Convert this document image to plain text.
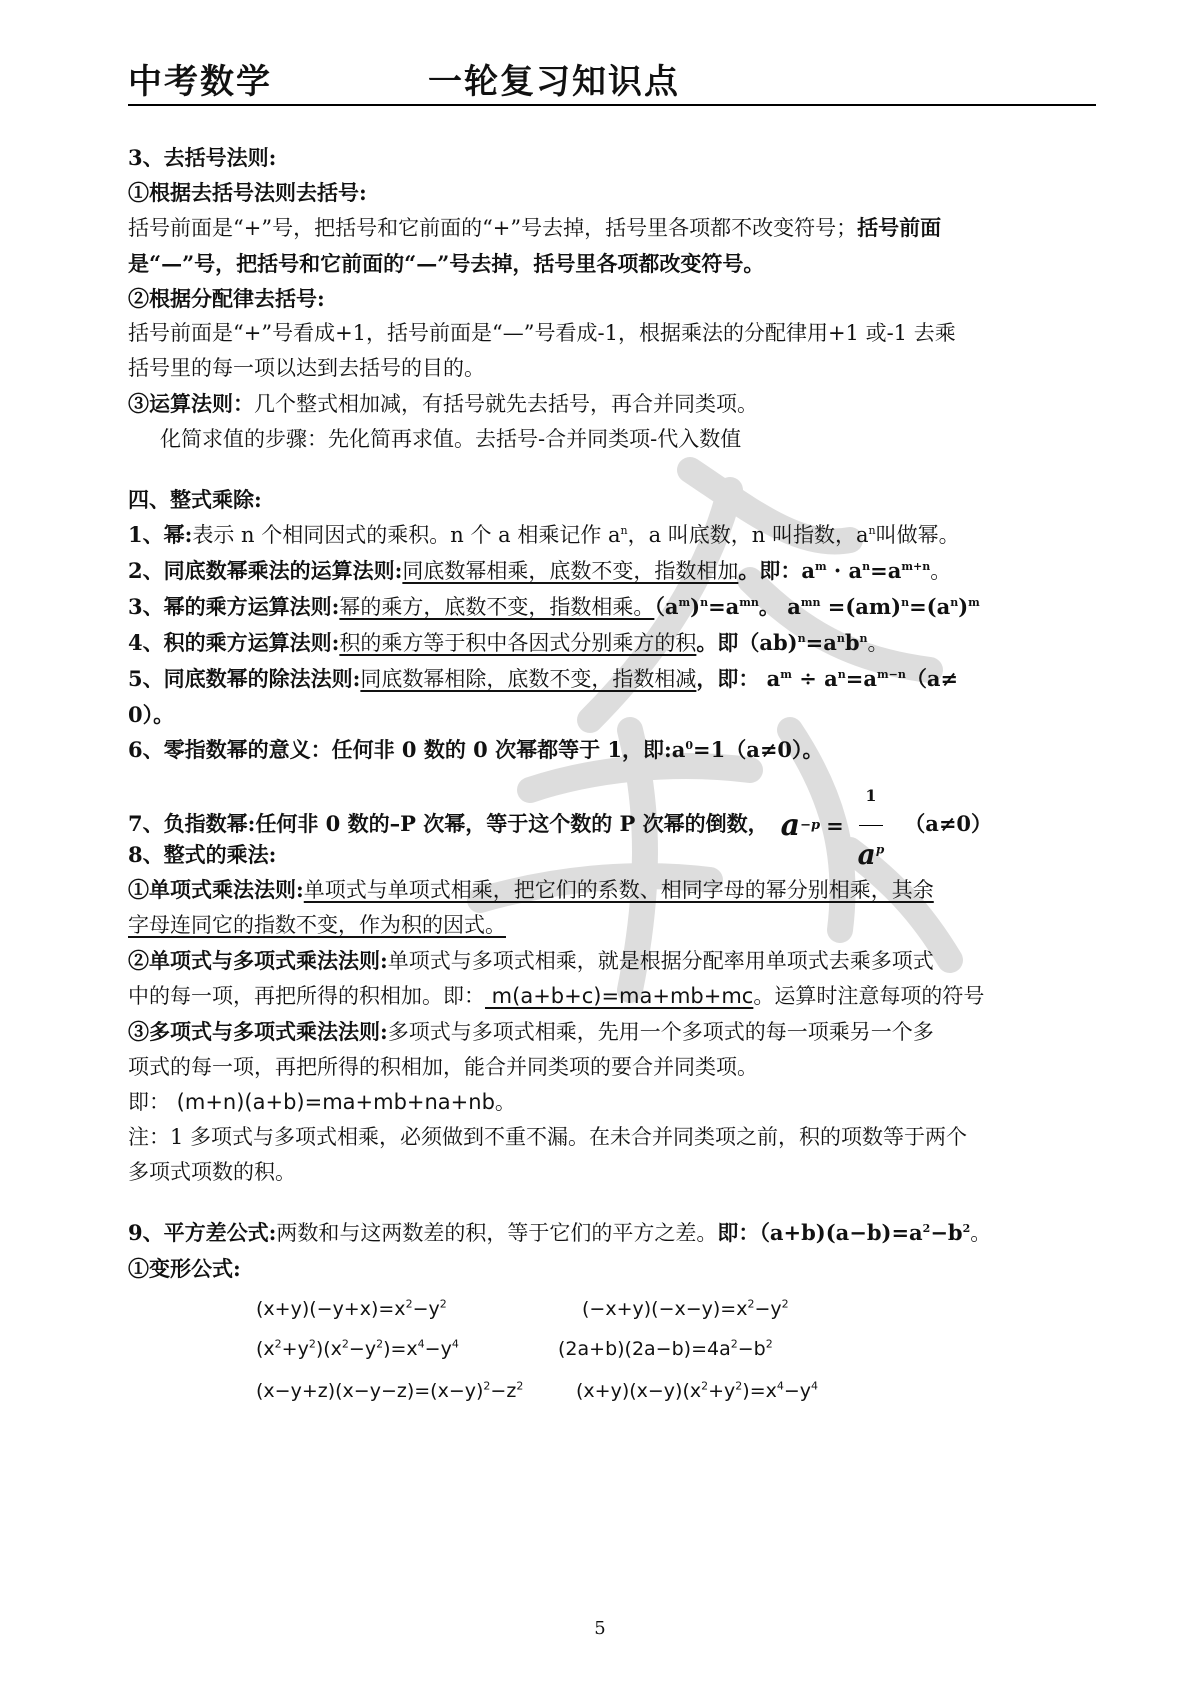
中考数学	一轮复习知识点
3、去括号法则:
①根据去括号法则去括号:
括号前面是“+”号，把括号和它前面的“+”号去掉，括号里各项都不改变符号；括号前面
是“—”号，把括号和它前面的“—”号去掉，括号里各项都改变符号。
②根据分配律去括号:
括号前面是“+”号看成+1，括号前面是“—”号看成-1，根据乘法的分配律用+1 或-1 去乘
括号里的每一项以达到去括号的目的。
③运算法则：几个整式相加减，有括号就先去括号，再合并同类项。
化简求值的步骤：先化简再求值。去括号-合并同类项-代入数值
四、整式乘除:
1、幂:表示 n 个相同因式的乘积。n 个 a 相乘记作 $a^n$，a 叫底数，n 叫指数，$a^n$叫做幂。
2、同底数幂乘法的运算法则:同底数幂相乘，底数不变，指数相加。即：$a^m \cdot a^n=a^{m+n}$。
3、幂的乘方运算法则:幂的乘方，底数不变，指数相乘。$(a^m)^n=a^{mn}$。 $a^{mn} =(am)^n=(a^n)^m$
4、积的乘方运算法则:积的乘方等于积中各因式分别乘方的积。即$(ab)^n=a^nb^n$。
5、同底数幂的除法法则:同底数幂相除，底数不变，指数相减，即： $a^m \div a^n=a^{m-n}(a\ne$
0）。
6、零指数幂的意义：任何非 0 数的 0 次幂都等于 1，即$:a^0=1(a\ne 0)$。
7、负指数幂:任何非 0 数的–P 次幂，等于这个数的 P 次幂的倒数， $a -p = \frac{1}{a^p} (a\ne 0)$
8、整式的乘法:
①单项式乘法法则:单项式与单项式相乘，把它们的系数、相同字母的幂分别相乘，其余
字母连同它的指数不变，作为积的因式。
②单项式与多项式乘法法则:单项式与多项式相乘，就是根据分配率用单项式去乘多项式
中的每一项，再把所得的积相加。即： m(a+b+c)=ma+mb+mc。运算时注意每项的符号
③多项式与多项式乘法法则:多项式与多项式相乘，先用一个多项式的每一项乘另一个多
项式的每一项，再把所得的积相加，能合并同类项的要合并同类项。
即： (m+n)(a+b)=ma+mb+na+nb。
注：1 多项式与多项式相乘，必须做到不重不漏。在未合并同类项之前，积的项数等于两个
多项式项数的积。
9、平方差公式:两数和与这两数差的积，等于它们的平方之差。即：$(a+b)(a-b)=a^2-b^2$。
①变形公式:
$(x+y)(-y+x)=x^2-y^2$	$(-x+y)(-x-y)=x^2-y^2$
$(x^2+y^2)(x^2-y^2)=x^4-y^4$	$(2a+b)(2a-b)=4a^2-b^2$
$(x-y+z)(x-y-z)=(x-y)^2-z^2$	$(x+y)(x-y)(x^2+y^2)=x^4-y^4$
5
